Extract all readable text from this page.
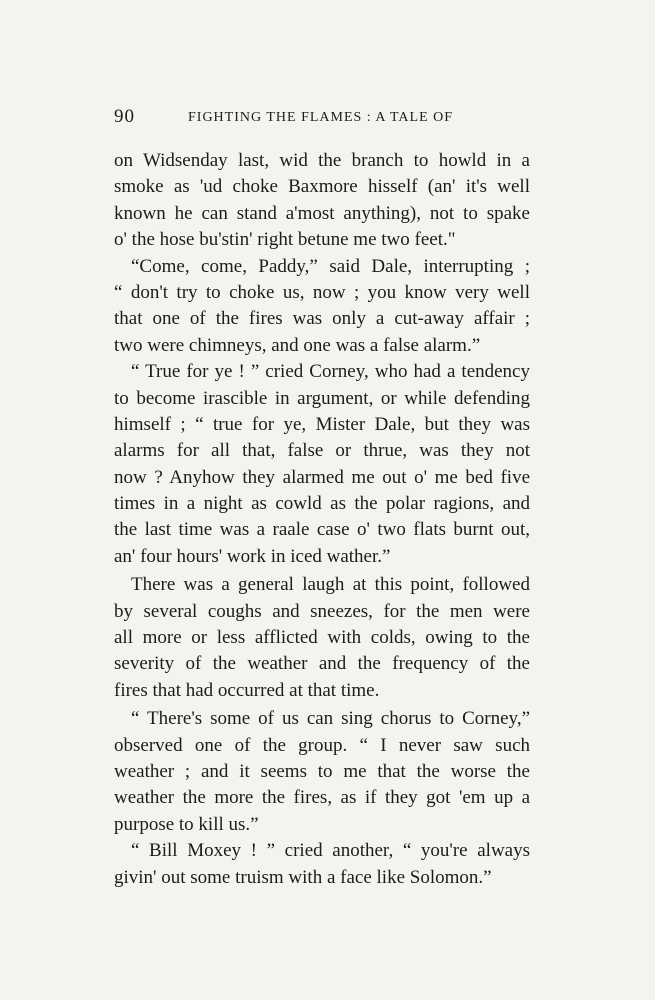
90	FIGHTING THE FLAMES : A TALE OF
on Widsenday last, wid the branch to howld in a
smoke as 'ud choke Baxmore hisself (an' it's well
known he can stand a'most anything), not to spake
o' the hose bu'stin' right betune me two feet."
“Come, come, Paddy,” said Dale, interrupting ;
“ don't try to choke us, now ; you know very well
that one of the fires was only a cut-away affair ;
two were chimneys, and one was a false alarm.”
“ True for ye ! ” cried Corney, who had a tendency
to become irascible in argument, or while defending
himself ; “ true for ye, Mister Dale, but they was
alarms for all that, false or thrue, was they not
now ? Anyhow they alarmed me out o' me bed five
times in a night as cowld as the polar ragions, and
the last time was a raale case o' two flats burnt out,
an' four hours' work in iced wather.”
There was a general laugh at this point, followed
by several coughs and sneezes, for the men were
all more or less afflicted with colds, owing to the
severity of the weather and the frequency of the
fires that had occurred at that time.
“ There's some of us can sing chorus to Corney,”
observed one of the group. “ I never saw such
weather ; and it seems to me that the worse the
weather the more the fires, as if they got 'em up a
purpose to kill us.”
“ Bill Moxey ! ” cried another, “ you're always
givin' out some truism with a face like Solomon.”
